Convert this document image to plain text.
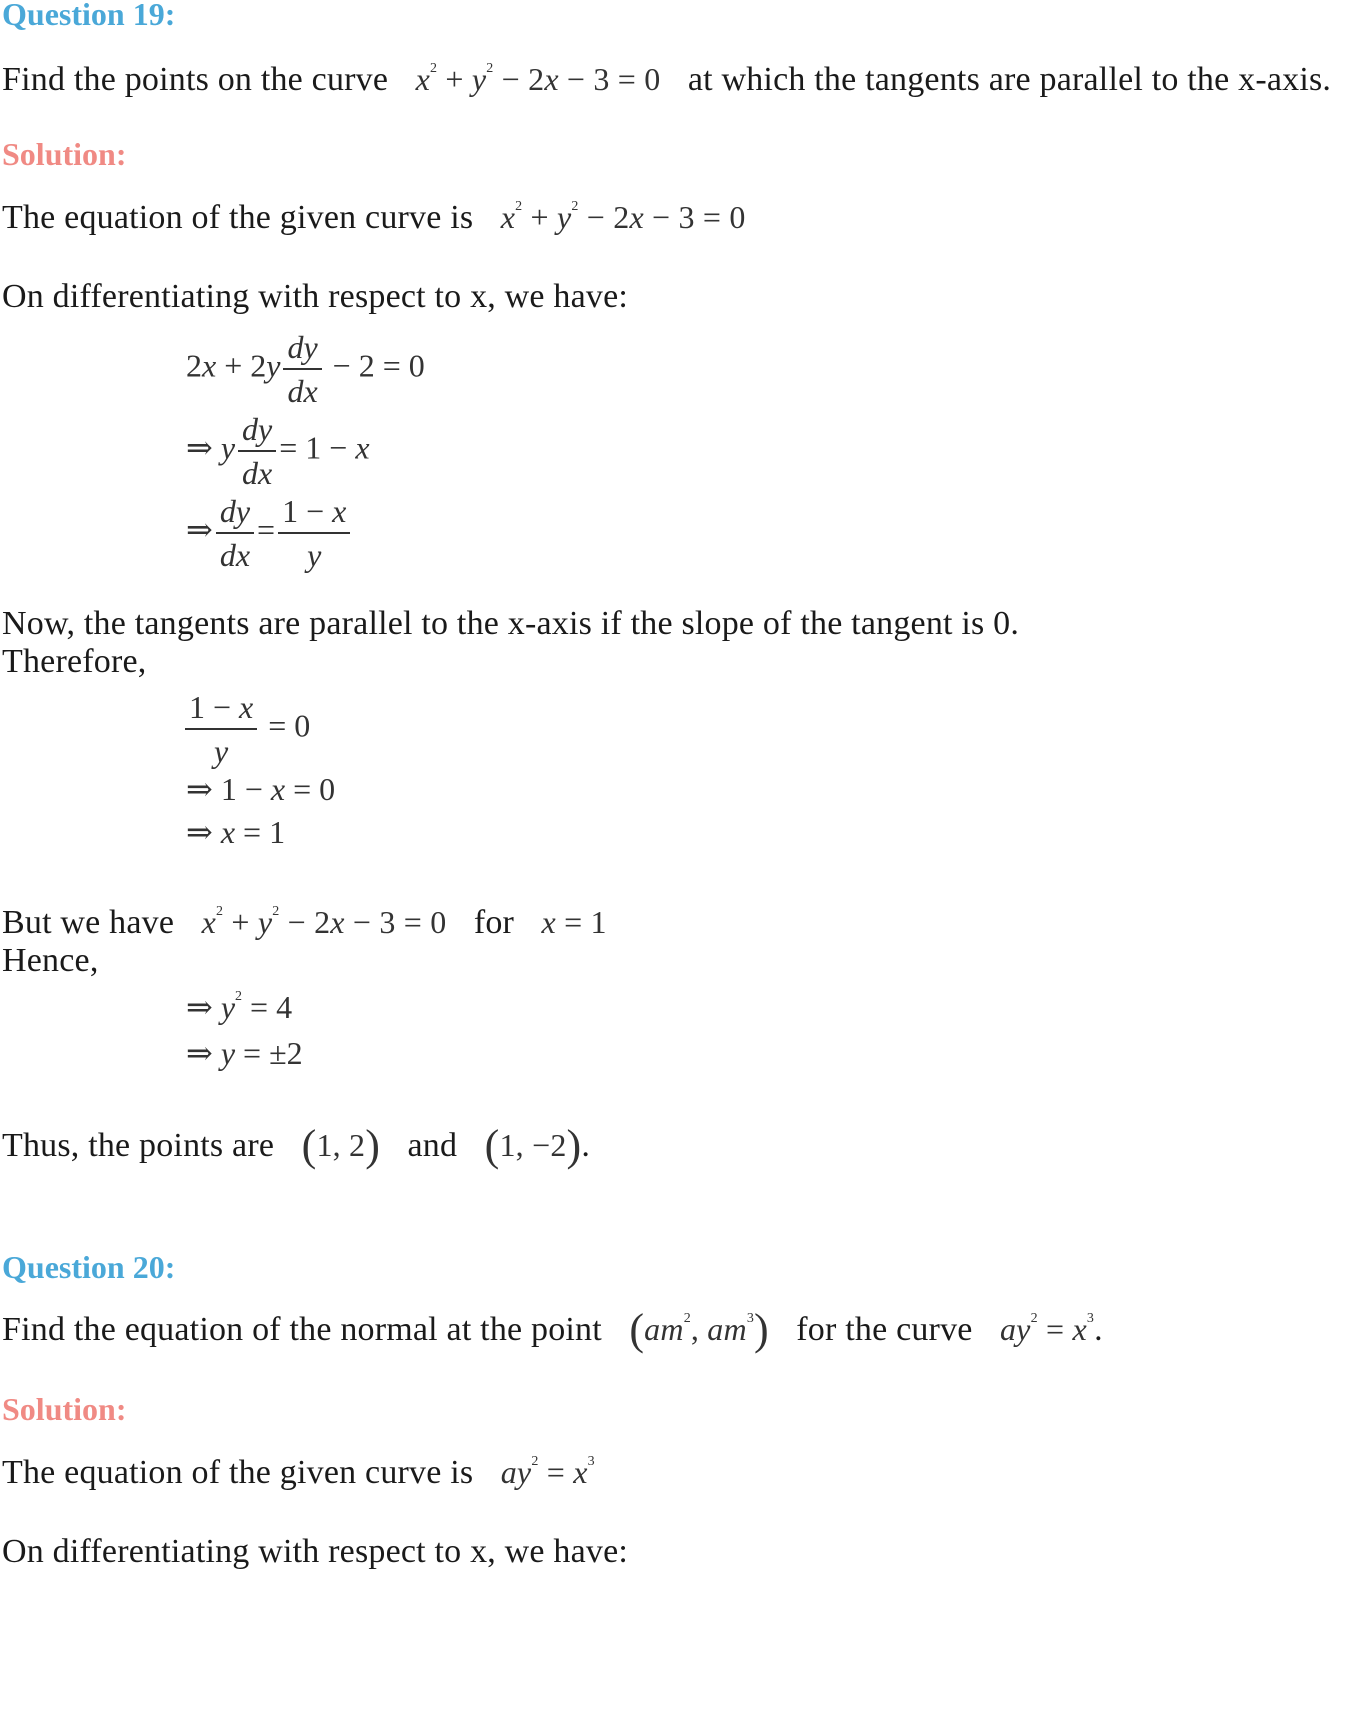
Question 19:
Find the points on the curve $x^2 + y^2 - 2x - 3 = 0$ at which the tangents are parallel to the x-axis.
Solution:
The equation of the given curve is $x^2 + y^2 - 2x - 3 = 0$
On differentiating with respect to x, we have:
$2x + 2y \frac{dy}{dx} - 2 = 0$
⇒ y $\frac{dy}{dx} = 1 - x$
⇒ $\frac{dy}{dx} = \frac{1 - x}{y}$
Now, the tangents are parallel to the x-axis if the slope of the tangent is 0.
Therefore,
$\frac{1 - x}{y} = 0$
⇒ 1 − x = 0
⇒ x = 1
But we have $x^2 + y^2 - 2x - 3 = 0$ for x = 1
Hence,
⇒ $y^2 = 4$
⇒ y = ±2
Thus, the points are (1, 2) and (1, −2).
Question 20:
Find the equation of the normal at the point ($am^2$, $am^3$) for the curve $ay^2 = x^3$.
Solution:
The equation of the given curve is $ay^2 = x^3$
On differentiating with respect to x, we have:
